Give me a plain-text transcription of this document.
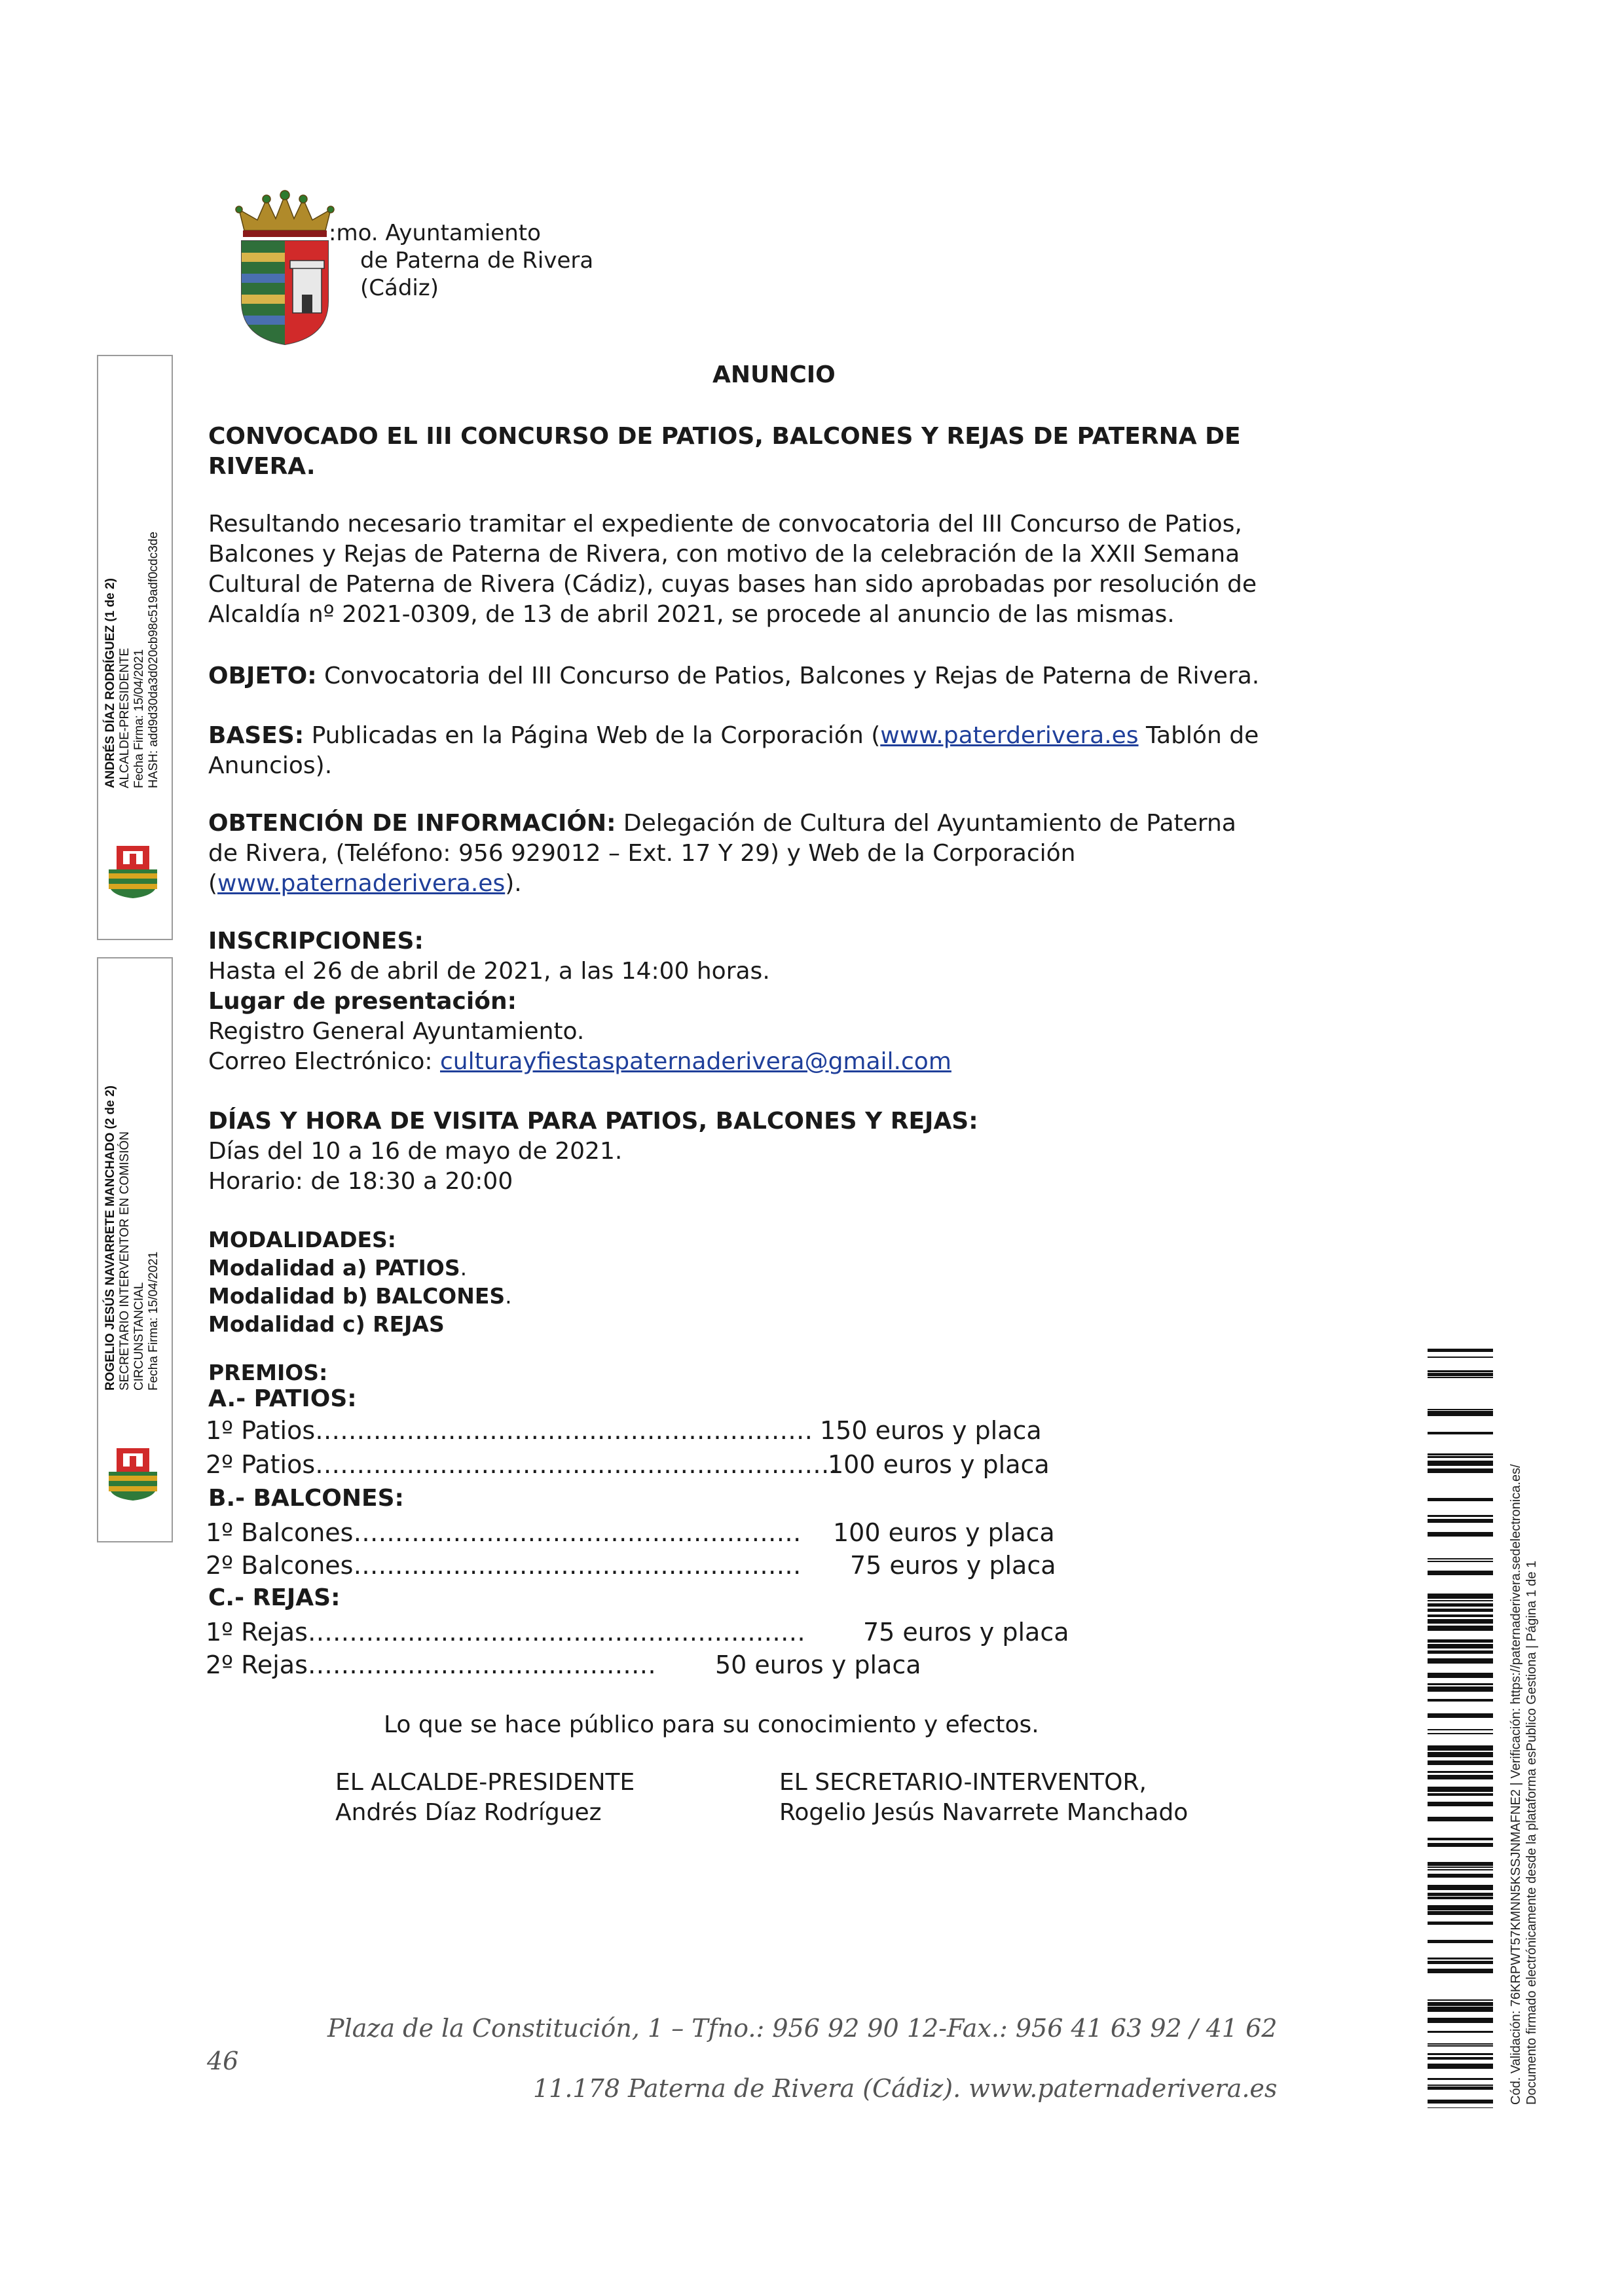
:mo. Ayuntamiento
de Paterna de Rivera
(Cádiz)
ANDRÉS DÍAZ RODRÍGUEZ (1 de 2) ALCALDE-PRESIDENTE Fecha Firma: 15/04/2021 HASH: add9d30da3d020cb98c519adf0cdc3de
ROGELIO JESÚS NAVARRETE MANCHADO (2 de 2) SECRETARIO INTERVENTOR EN COMISIÓN CIRCUNSTANCIAL Fecha Firma: 15/04/2021
ANUNCIO
CONVOCADO EL III CONCURSO DE PATIOS, BALCONES Y REJAS DE PATERNA DE
RIVERA.
Resultando necesario tramitar el expediente de convocatoria del III Concurso de Patios,
Balcones y Rejas de Paterna de Rivera, con motivo de la celebración de la XXII Semana
Cultural de Paterna de Rivera (Cádiz), cuyas bases han sido aprobadas por resolución de
Alcaldía nº 2021-0309, de 13 de abril 2021, se procede al anuncio de las mismas.
OBJETO: Convocatoria del III Concurso de Patios, Balcones y Rejas de Paterna de Rivera.
BASES: Publicadas en la Página Web de la Corporación (www.paterderivera.es Tablón de
Anuncios).
OBTENCIÓN DE INFORMACIÓN: Delegación de Cultura del Ayuntamiento de Paterna
de Rivera, (Teléfono: 956 929012 – Ext. 17 Y 29) y Web de la Corporación
(www.paternaderivera.es).
INSCRIPCIONES:
Hasta el 26 de abril de 2021, a las 14:00 horas.
Lugar de presentación:
Registro General Ayuntamiento.
Correo Electrónico: culturayfiestaspaternaderivera@gmail.com
DÍAS Y HORA DE VISITA PARA PATIOS, BALCONES Y REJAS:
Días del 10 a 16 de mayo de 2021.
Horario: de 18:30 a 20:00
MODALIDADES:
Modalidad a) PATIOS.
Modalidad b) BALCONES.
Modalidad c) REJAS
PREMIOS:
A.- PATIOS:
1º Patios…………………………………………………… 150 euros y placa
2º Patios………………………………………………………
100 euros y placa
B.- BALCONES:
1º Balcones……………………………………………… 100 euros y placa
2º Balcones……………………………………………… 75 euros y placa
C.- REJAS:
1º Rejas…………………………………………………… 75 euros y placa
2º Rejas…………………………………… 50 euros y placa
Lo que se hace público para su conocimiento y efectos.
EL ALCALDE-PRESIDENTE
Andrés Díaz Rodríguez
EL SECRETARIO-INTERVENTOR,
Rogelio Jesús Navarrete Manchado
Plaza de la Constitución, 1 – Tfno.: 956 92 90 12-Fax.: 956 41 63 92 / 41 62
46
11.178 Paterna de Rivera (Cádiz). www.paternaderivera.es	Cód. Validación: 76KRPWT57KMNN5KSSJNMAFNE2 | Verificación: https://paternaderivera.sedelectronica.es/ Documento firmado electrónicamente desde la plataforma esPublico Gestiona | Página 1 de 1
